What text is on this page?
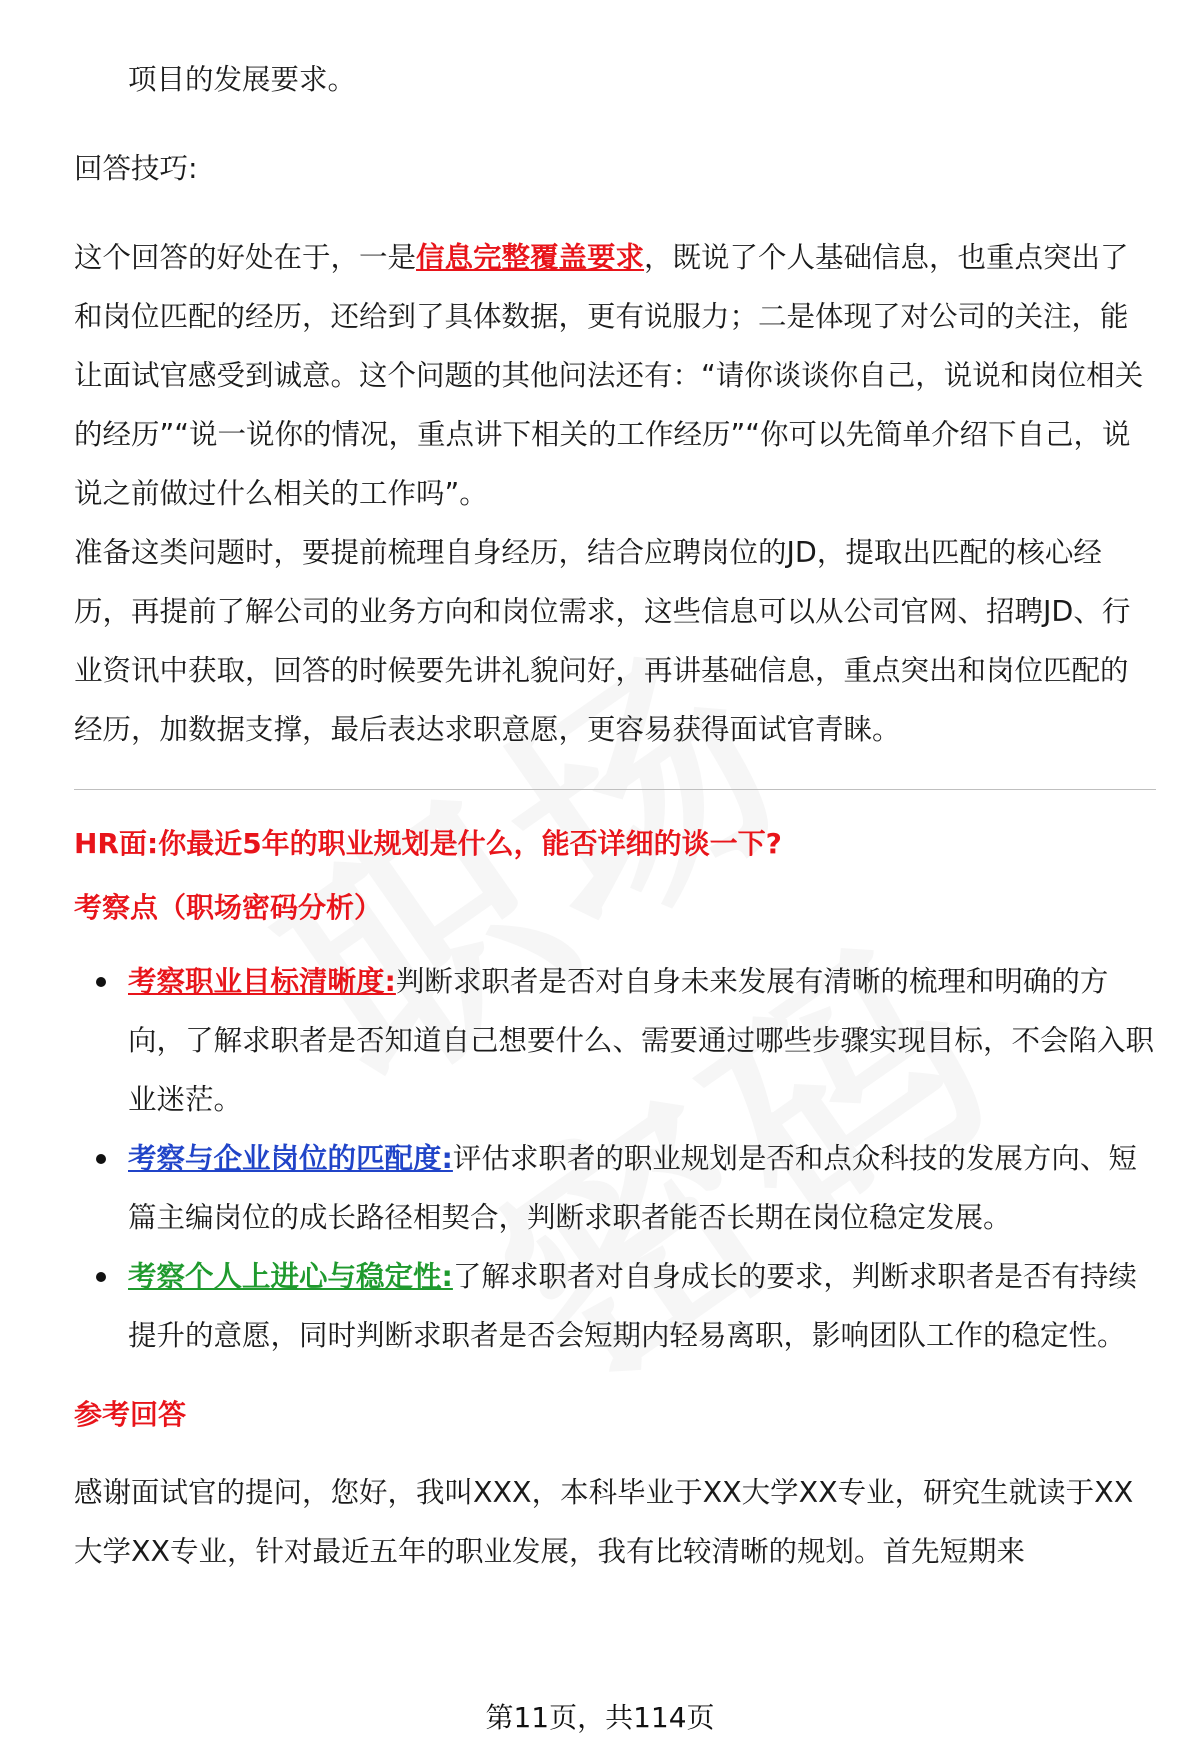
项目的发展要求。

回答技巧:

这个回答的好处在于，一是信息完整覆盖要求，既说了个人基础信息，也重点突出了和岗位匹配的经历，还给到了具体数据，更有说服力；二是体现了对公司的关注，能让面试官感受到诚意。这个问题的其他问法还有：“请你谈谈你自己，说说和岗位相关的经历”“说一说你的情况，重点讲下相关的工作经历”“你可以先简单介绍下自己，说说之前做过什么相关的工作吗”。

准备这类问题时，要提前梳理自身经历，结合应聘岗位的JD，提取出匹配的核心经历，再提前了解公司的业务方向和岗位需求，这些信息可以从公司官网、招聘JD、行业资讯中获取，回答的时候要先讲礼貌问好，再讲基础信息，重点突出和岗位匹配的经历，加数据支撑，最后表达求职意愿，更容易获得面试官青睐。

HR面:你最近5年的职业规划是什么，能否详细的谈一下?
考察点（职场密码分析）
考察职业目标清晰度:判断求职者是否对自身未来发展有清晰的梳理和明确的方向，了解求职者是否知道自己想要什么、需要通过哪些步骤实现目标，不会陷入职业迷茫。
考察与企业岗位的匹配度:评估求职者的职业规划是否和点众科技的发展方向、短篇主编岗位的成长路径相契合，判断求职者能否长期在岗位稳定发展。
考察个人上进心与稳定性:了解求职者对自身成长的要求，判断求职者是否有持续提升的意愿，同时判断求职者是否会短期内轻易离职，影响团队工作的稳定性。
参考回答

感谢面试官的提问，您好，我叫XXX，本科毕业于XX大学XX专业，研究生就读于XX大学XX专业，针对最近五年的职业发展，我有比较清晰的规划。首先短期来

第11页，共114页
